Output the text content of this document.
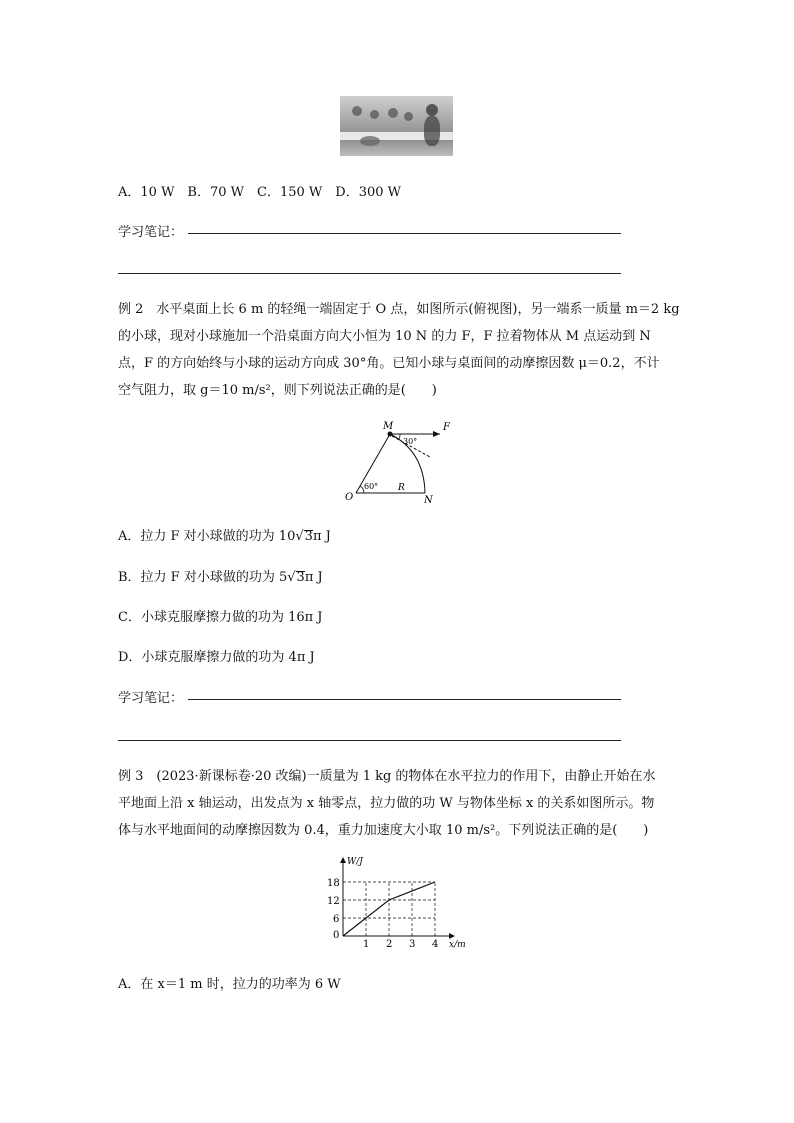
A．10 W　B．70 W　C．150 W　D．300 W
学习笔记：
例 2　水平桌面上长 6 m 的轻绳一端固定于 O 点，如图所示(俯视图)，另一端系一质量 m＝2 kg
的小球，现对小球施加一个沿桌面方向大小恒为 10 N 的力 F，F 拉着物体从 M 点运动到 N
点，F 的方向始终与小球的运动方向成 30°角。已知小球与桌面间的动摩擦因数 μ＝0.2，不计
空气阻力，取 g＝10 m/s²，则下列说法正确的是(　　)
M	F
O	N
R
30°
60°
A．拉力 F 对小球做的功为 10√3π J
B．拉力 F 对小球做的功为 5√3π J
C．小球克服摩擦力做的功为 16π J
D．小球克服摩擦力做的功为 4π J
学习笔记：
例 3　(2023·新课标卷·20 改编)一质量为 1 kg 的物体在水平拉力的作用下，由静止开始在水
平地面上沿 x 轴运动，出发点为 x 轴零点，拉力做的功 W 与物体坐标 x 的关系如图所示。物
体与水平地面间的动摩擦因数为 0.4，重力加速度大小取 10 m/s²。下列说法正确的是(　　)
1 2 3 4
0
6
12
18
x/m
W/J
A．在 x＝1 m 时，拉力的功率为 6 W
